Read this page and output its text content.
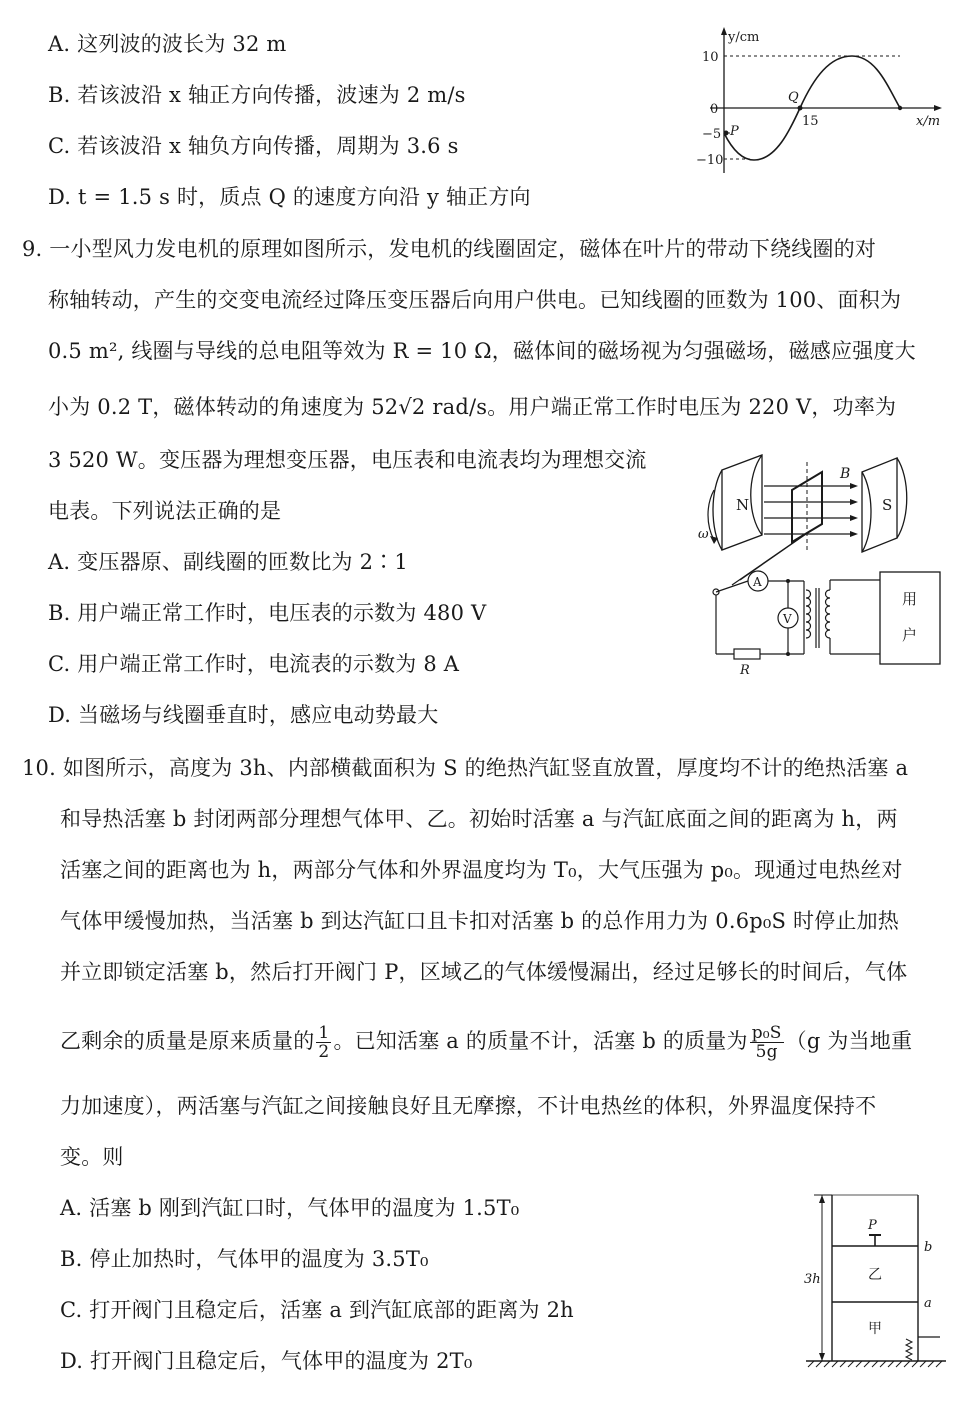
A. 这列波的波长为 32 m
B. 若该波沿 x 轴正方向传播，波速为 2 m/s
C. 若该波沿 x 轴负方向传播，周期为 3.6 s
D. t = 1.5 s 时，质点 Q 的速度方向沿 y 轴正方向
y/cm
x/m
10
0
−5
−10
15
P
Q
9. 一小型风力发电机的原理如图所示，发电机的线圈固定，磁体在叶片的带动下绕线圈的对
称轴转动，产生的交变电流经过降压变压器后向用户供电。已知线圈的匝数为 100、面积为
0.5 m², 线圈与导线的总电阻等效为 R = 10 Ω，磁体间的磁场视为匀强磁场，磁感应强度大
小为 0.2 T，磁体转动的角速度为 52√2 rad/s。用户端正常工作时电压为 220 V，功率为
3 520 W。变压器为理想变压器，电压表和电流表均为理想交流
电表。下列说法正确的是
A. 变压器原、副线圈的匝数比为 2∶1
B. 用户端正常工作时，电压表的示数为 480 V
C. 用户端正常工作时，电流表的示数为 8 A
D. 当磁场与线圈垂直时，感应电动势最大
N	S
B
ω
A
V
R
用
户
10. 如图所示，高度为 3h、内部横截面积为 S 的绝热汽缸竖直放置，厚度均不计的绝热活塞 a
和导热活塞 b 封闭两部分理想气体甲、乙。初始时活塞 a 与汽缸底面之间的距离为 h，两
活塞之间的距离也为 h，两部分气体和外界温度均为 T₀，大气压强为 p₀。现通过电热丝对
气体甲缓慢加热，当活塞 b 到达汽缸口且卡扣对活塞 b 的总作用力为 0.6p₀S 时停止加热
并立即锁定活塞 b，然后打开阀门 P，区域乙的气体缓慢漏出，经过足够长的时间后，气体
乙剩余的质量是原来质量的 $\frac{1}{2}$ 。已知活塞 a 的质量不计，活塞 b 的质量为 $\frac{\text{p₀S}}{5g} (g$ 为当地重
力加速度），两活塞与汽缸之间接触良好且无摩擦，不计电热丝的体积，外界温度保持不
变。则
A. 活塞 b 刚到汽缸口时，气体甲的温度为 1.5T₀
B. 停止加热时，气体甲的温度为 3.5T₀
C. 打开阀门且稳定后，活塞 a 到汽缸底部的距离为 2h
D. 打开阀门且稳定后，气体甲的温度为 2T₀
3h
b
P
乙
a
甲
